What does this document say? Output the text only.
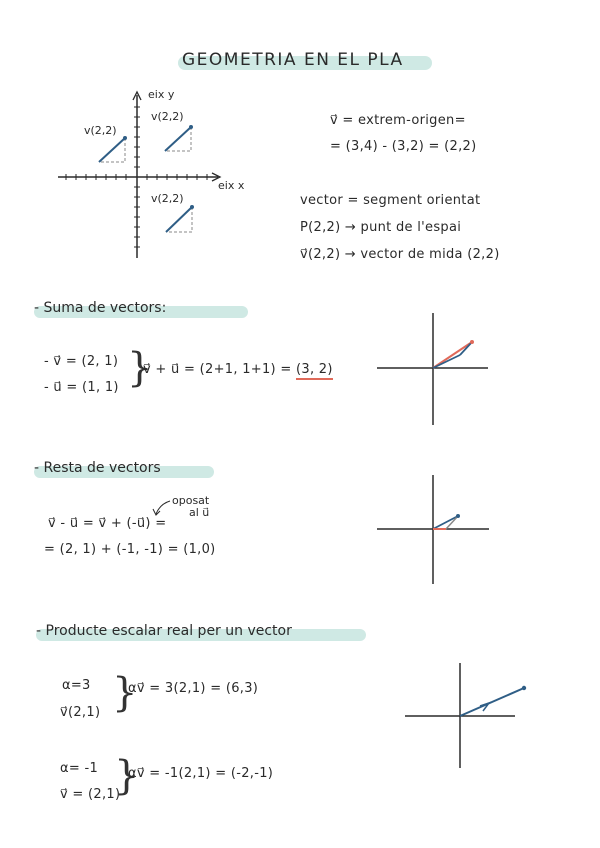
GEOMETRIA EN EL PLA
eix y
eix x
v(2,2)
v(2,2)
v(2,2)
v⃗ = extrem-origen=
= (3,4) - (3,2) = (2,2)
vector = segment orientat
P(2,2) → punt de l'espai
v⃗(2,2) → vector de mida (2,2)
- Suma de vectors:
- v⃗ = (2, 1)
- u⃗ = (1, 1) }
v⃗ + u⃗ = (2+1, 1+1) = (3, 2)
- Resta de vectors
oposat
al u⃗
v⃗ - u⃗ = v⃗ + (-u⃗) =
= (2, 1) + (-1, -1) = (1,0)
- Producte escalar real per un vector
α=3
v⃗(2,1) }
αv⃗ = 3(2,1) = (6,3)
α= -1
v⃗ = (2,1)
}
αv⃗ = -1(2,1) = (-2,-1)
